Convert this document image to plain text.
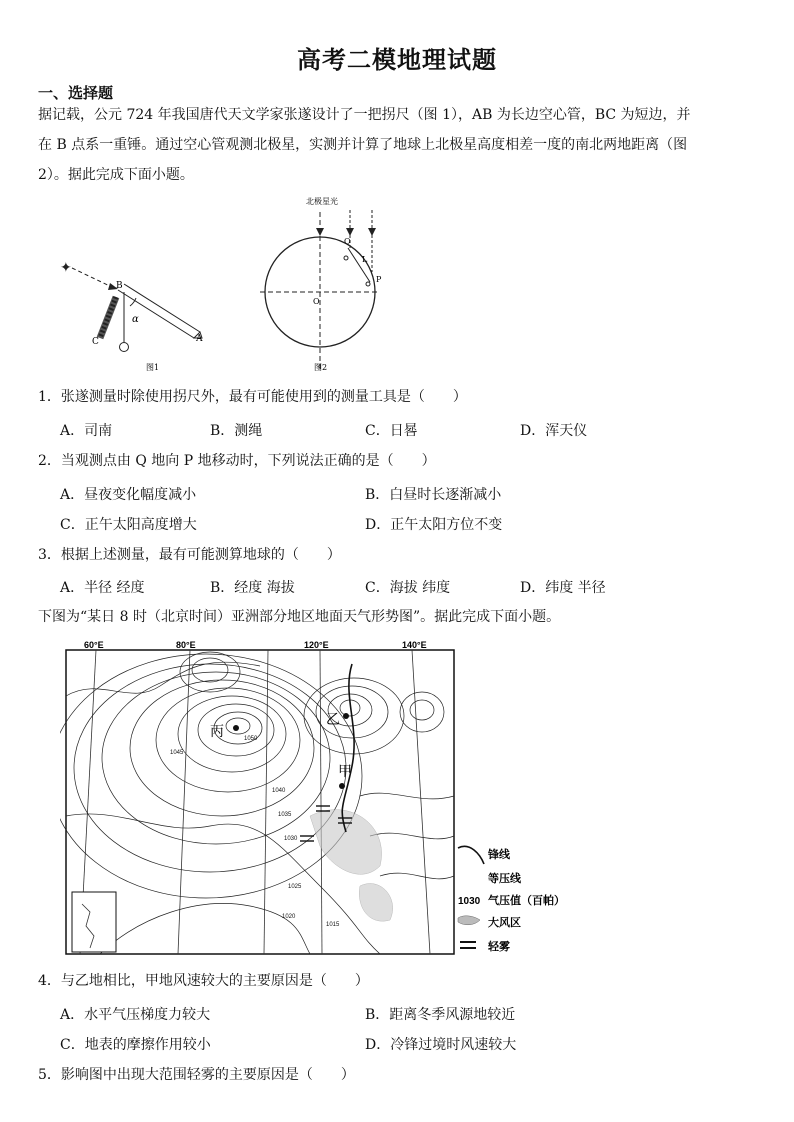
高考二模地理试题
一、选择题
据记载，公元 724 年我国唐代天文学家张遂设计了一把拐尺（图 1），AB 为长边空心管，BC 为短边，并
在 B 点系一重锤。通过空心管观测北极星，实测并计算了地球上北极星高度相差一度的南北两地距离（图
2）。据此完成下面小题。
✦
B
A
C
α
图1
北极星光
Q
P
L
O
图2
1．张遂测量时除使用拐尺外，最有可能使用到的测量工具是（　　）
A．司南	B．测绳	C．日晷	D．浑天仪
2．当观测点由 Q 地向 P 地移动时，下列说法正确的是（　　）
A．昼夜变化幅度减小	B．白昼时长逐渐减小
C．正午太阳高度增大	D．正午太阳方位不变
3．根据上述测量，最有可能测算地球的（　　）
A．半径 经度	B．经度 海拔	C．海拔 纬度	D．纬度 半径
下图为“某日 8 时（北京时间）亚洲部分地区地面天气形势图”。据此完成下面小题。
60°E	80°E	120°E	140°E
丙
乙
甲
1045
1050
1040
1035
1030
1025
1020
1015
锋线
等压线
1030 气压值（百帕）
大风区
轻雾
4．与乙地相比，甲地风速较大的主要原因是（　　）
A．水平气压梯度力较大	B．距离冬季风源地较近
C．地表的摩擦作用较小	D．冷锋过境时风速较大
5．影响图中出现大范围轻雾的主要原因是（　　）
